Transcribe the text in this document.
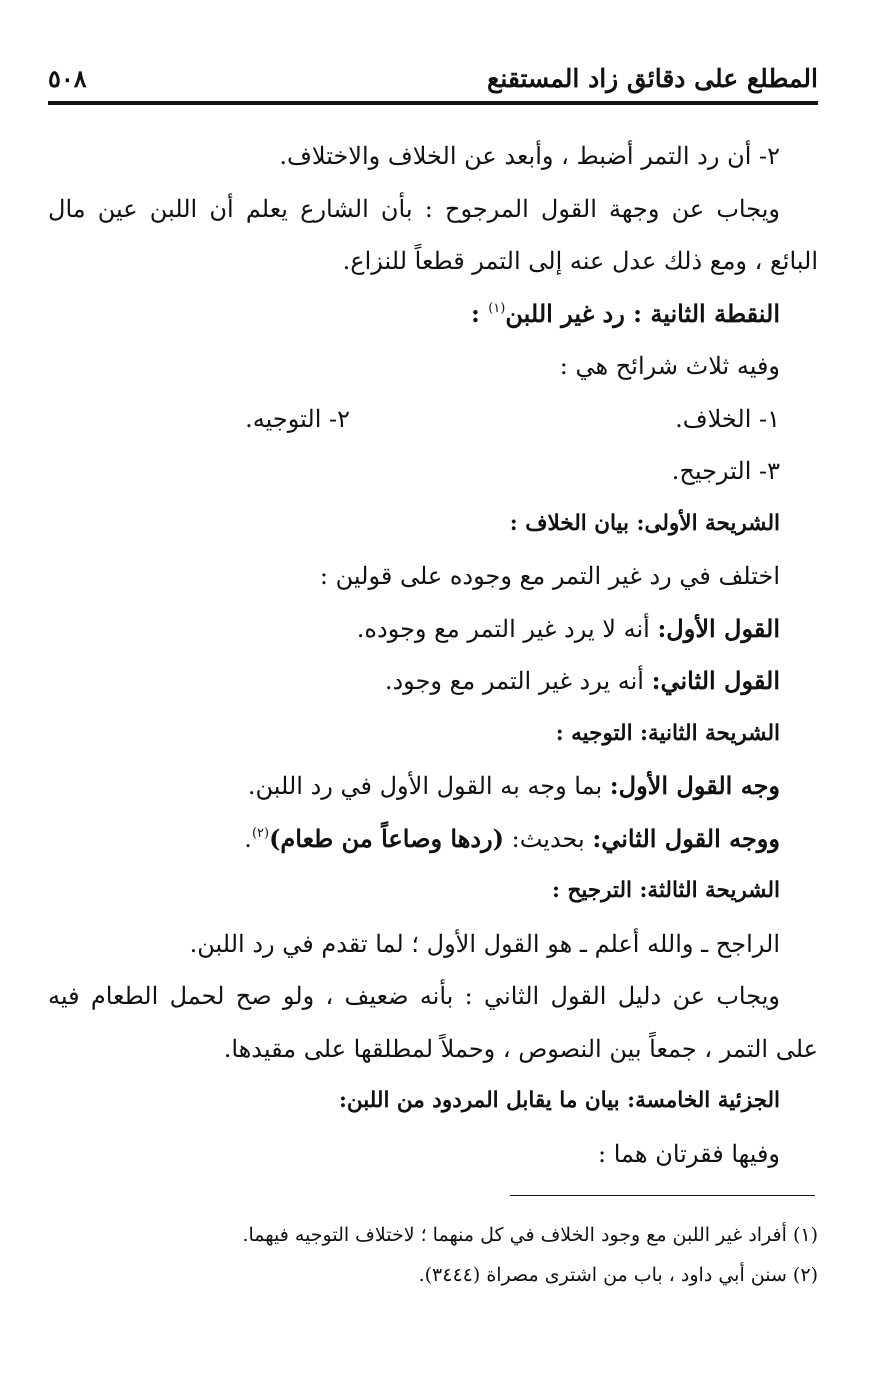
المطلع على دقائق زاد المستقنع
٥٠٨
٢- أن رد التمر أضبط ، وأبعد عن الخلاف والاختلاف.
ويجاب عن وجهة القول المرجوح : بأن الشارع يعلم أن اللبن عين مال
البائع ، ومع ذلك عدل عنه إلى التمر قطعاً للنزاع.
النقطة الثانية : رد غير اللبن$^{(١)}$ :
وفيه ثلاث شرائح هي :
١- الخلاف.
٢- التوجيه.
٣- الترجيح.
الشريحة الأولى: بيان الخلاف :
اختلف في رد غير التمر مع وجوده على قولين :
القول الأول: أنه لا يرد غير التمر مع وجوده.
القول الثاني: أنه يرد غير التمر مع وجود.
الشريحة الثانية: التوجيه :
وجه القول الأول: بما وجه به القول الأول في رد اللبن.
ووجه القول الثاني: بحديث: (ردها وصاعاً من طعام)$^{(٢)}$.
الشريحة الثالثة: الترجيح :
الراجح ـ والله أعلم ـ هو القول الأول ؛ لما تقدم في رد اللبن.
ويجاب عن دليل القول الثاني : بأنه ضعيف ، ولو صح لحمل الطعام فيه
على التمر ، جمعاً بين النصوص ، وحملاً لمطلقها على مقيدها.
الجزئية الخامسة: بيان ما يقابل المردود من اللبن:
وفيها فقرتان هما :
(١) أفراد غير اللبن مع وجود الخلاف في كل منهما ؛ لاختلاف التوجيه فيهما.
(٢) سنن أبي داود ، باب من اشترى مصراة (٣٤٤٤).
